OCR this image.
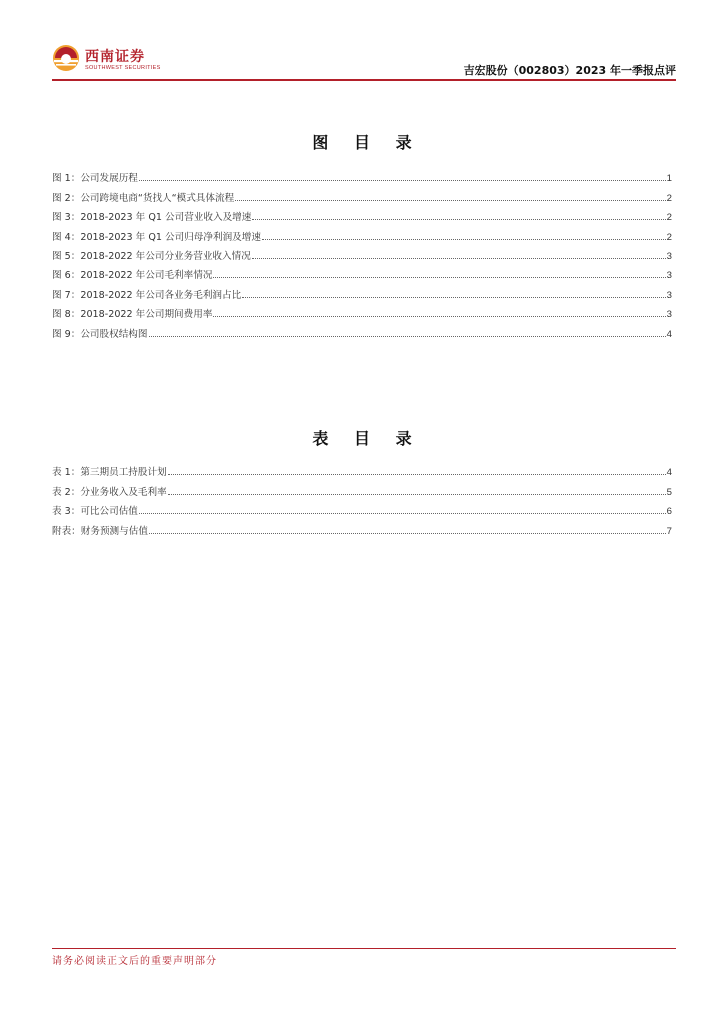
西南证券
SOUTHWEST SECURITIES	吉宏股份（002803）2023 年一季报点评
图 目 录
图 1：公司发展历程	1
图 2：公司跨境电商“货找人“模式具体流程	2
图 3：2018-2023 年 Q1 公司营业收入及增速	2
图 4：2018-2023 年 Q1 公司归母净利润及增速	2
图 5：2018-2022 年公司分业务营业收入情况	3
图 6：2018-2022 年公司毛利率情况	3
图 7：2018-2022 年公司各业务毛利润占比	3
图 8：2018-2022 年公司期间费用率	3
图 9：公司股权结构图	4
表 目 录
表 1：第三期员工持股计划	4
表 2：分业务收入及毛利率	5
表 3：可比公司估值	6
附表：财务预测与估值	7
请务必阅读正文后的重要声明部分
